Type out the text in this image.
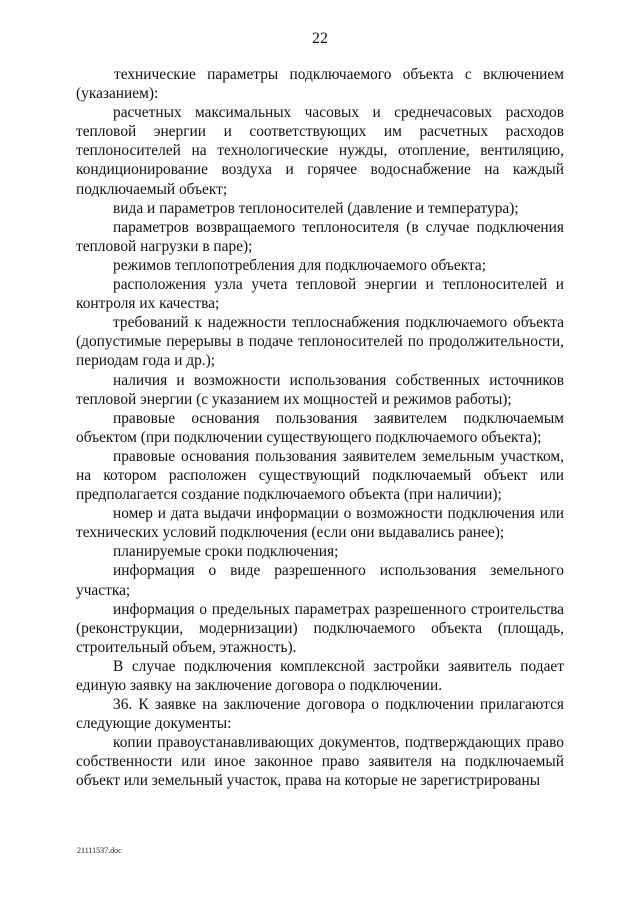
22

технические параметры подключаемого объекта с включением (указанием):

расчетных максимальных часовых и среднечасовых расходов тепловой энергии и соответствующих им расчетных расходов теплоносителей на технологические нужды, отопление, вентиляцию, кондиционирование воздуха и горячее водоснабжение на каждый подключаемый объект;

вида и параметров теплоносителей (давление и температура);

параметров возвращаемого теплоносителя (в случае подключения тепловой нагрузки в паре);

режимов теплопотребления для подключаемого объекта;

расположения узла учета тепловой энергии и теплоносителей и контроля их качества;

требований к надежности теплоснабжения подключаемого объекта (допустимые перерывы в подаче теплоносителей по продолжительности, периодам года и др.);

наличия и возможности использования собственных источников тепловой энергии (с указанием их мощностей и режимов работы);

правовые основания пользования заявителем подключаемым объектом (при подключении существующего подключаемого объекта);

правовые основания пользования заявителем земельным участком, на котором расположен существующий подключаемый объект или предполагается создание подключаемого объекта (при наличии);

номер и дата выдачи информации о возможности подключения или технических условий подключения (если они выдавались ранее);

планируемые сроки подключения;

информация о виде разрешенного использования земельного участка;

информация о предельных параметрах разрешенного строительства (реконструкции, модернизации) подключаемого объекта (площадь, строительный объем, этажность).

В случае подключения комплексной застройки заявитель подает единую заявку на заключение договора о подключении.

36. К заявке на заключение договора о подключении прилагаются следующие документы:

копии правоустанавливающих документов, подтверждающих право собственности или иное законное право заявителя на подключаемый объект или земельный участок, права на которые не зарегистрированы

21111537.doc
